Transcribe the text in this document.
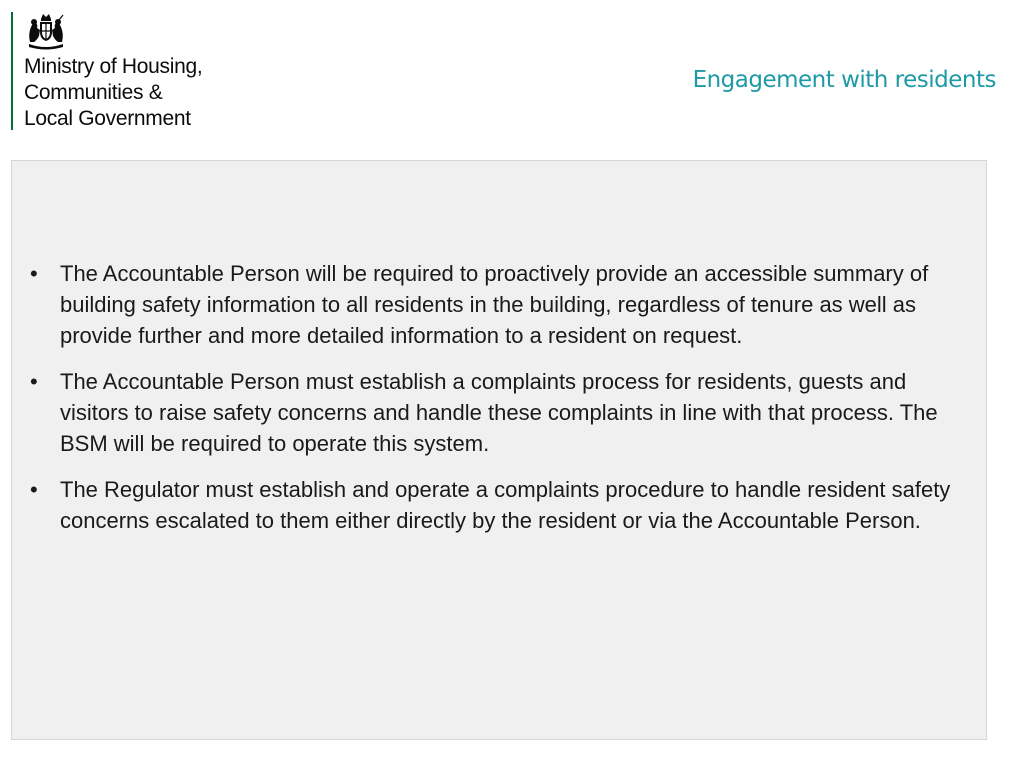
Ministry of Housing,
Communities &
Local Government
Engagement with residents
• The Accountable Person will be required to proactively provide an accessible summary of building safety information to all residents in the building, regardless of tenure as well as provide further and more detailed information to a resident on request.
• The Accountable Person must establish a complaints process for residents, guests and visitors to raise safety concerns and handle these complaints in line with that process. The BSM will be required to operate this system.
• The Regulator must establish and operate a complaints procedure to handle resident safety concerns escalated to them either directly by the resident or via the Accountable Person.
